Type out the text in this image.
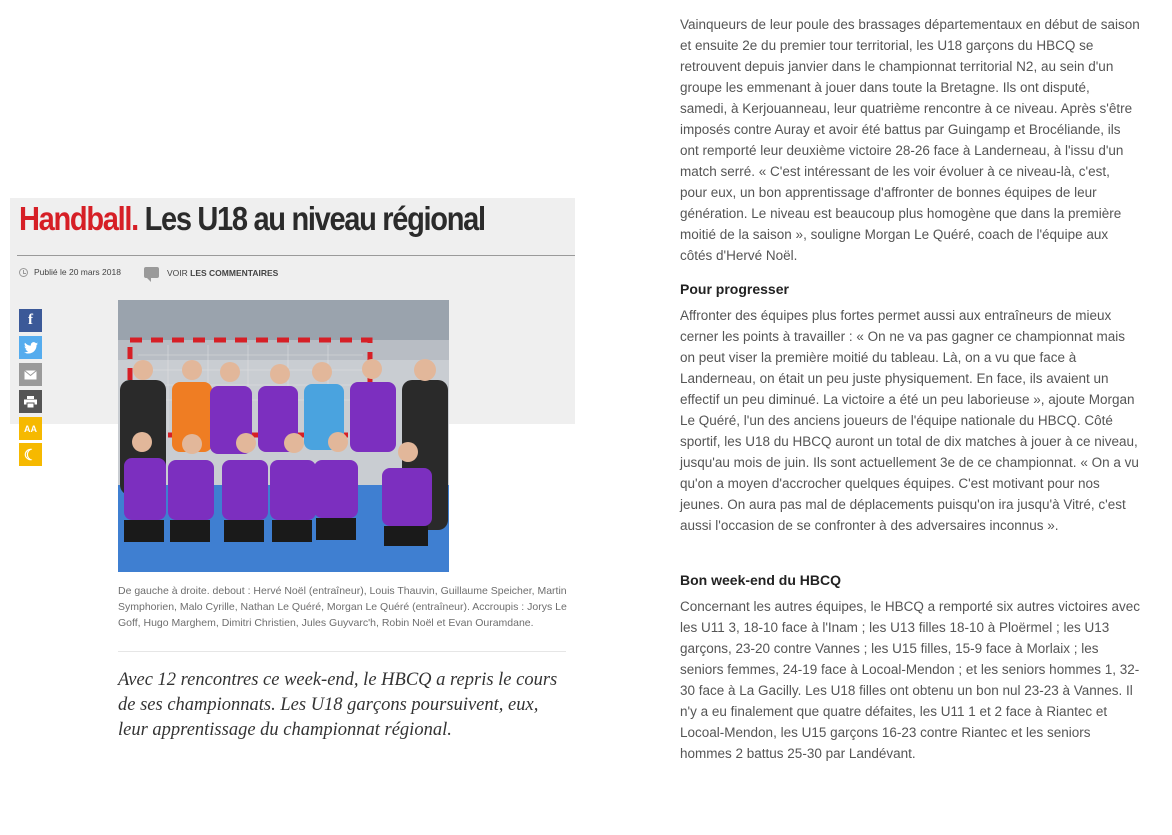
Handball. Les U18 au niveau régional
Publié le 20 mars 2018	VOIR LES COMMENTAIRES
f
AA
☾

De gauche à droite. debout : Hervé Noël (entraîneur), Louis Thauvin, Guillaume Speicher, Martin Symphorien, Malo Cyrille, Nathan Le Quéré, Morgan Le Quéré (entraîneur). Accroupis : Jorys Le Goff, Hugo Marghem, Dimitri Christien, Jules Guyvarc'h, Robin Noël et Evan Ouramdane.

Avec 12 rencontres ce week-end, le HBCQ a repris le cours de ses championnats. Les U18 garçons poursuivent, eux, leur apprentissage du championnat régional.

Vainqueurs de leur poule des brassages départementaux en début de saison et ensuite 2e du premier tour territorial, les U18 garçons du HBCQ se retrouvent depuis janvier dans le championnat territorial N2, au sein d'un groupe les emmenant à jouer dans toute la Bretagne. Ils ont disputé, samedi, à Kerjouanneau, leur quatrième rencontre à ce niveau. Après s'être imposés contre Auray et avoir été battus par Guingamp et Brocéliande, ils ont remporté leur deuxième victoire 28-26 face à Landerneau, à l'issu d'un match serré. « C'est intéressant de les voir évoluer à ce niveau-là, c'est, pour eux, un bon apprentissage d'affronter de bonnes équipes de leur génération. Le niveau est beaucoup plus homogène que dans la première moitié de la saison », souligne Morgan Le Quéré, coach de l'équipe aux côtés d'Hervé Noël.

Pour progresser

Affronter des équipes plus fortes permet aussi aux entraîneurs de mieux cerner les points à travailler : « On ne va pas gagner ce championnat mais on peut viser la première moitié du tableau. Là, on a vu que face à Landerneau, on était un peu juste physiquement. En face, ils avaient un effectif un peu diminué. La victoire a été un peu laborieuse », ajoute Morgan Le Quéré, l'un des anciens joueurs de l'équipe nationale du HBCQ. Côté sportif, les U18 du HBCQ auront un total de dix matches à jouer à ce niveau, jusqu'au mois de juin. Ils sont actuellement 3e de ce championnat. « On a vu qu'on a moyen d'accrocher quelques équipes. C'est motivant pour nos jeunes. On aura pas mal de déplacements puisqu'on ira jusqu'à Vitré, c'est aussi l'occasion de se confronter à des adversaires inconnus ».

Bon week-end du HBCQ

Concernant les autres équipes, le HBCQ a remporté six autres victoires avec les U11 3, 18-10 face à l'Inam ; les U13 filles 18-10 à Ploërmel ; les U13 garçons, 23-20 contre Vannes ; les U15 filles, 15-9 face à Morlaix ; les seniors femmes, 24-19 face à Locoal-Mendon ; et les seniors hommes 1, 32-30 face à La Gacilly. Les U18 filles ont obtenu un bon nul 23-23 à Vannes. Il n'y a eu finalement que quatre défaites, les U11 1 et 2 face à Riantec et Locoal-Mendon, les U15 garçons 16-23 contre Riantec et les seniors hommes 2 battus 25-30 par Landévant.
